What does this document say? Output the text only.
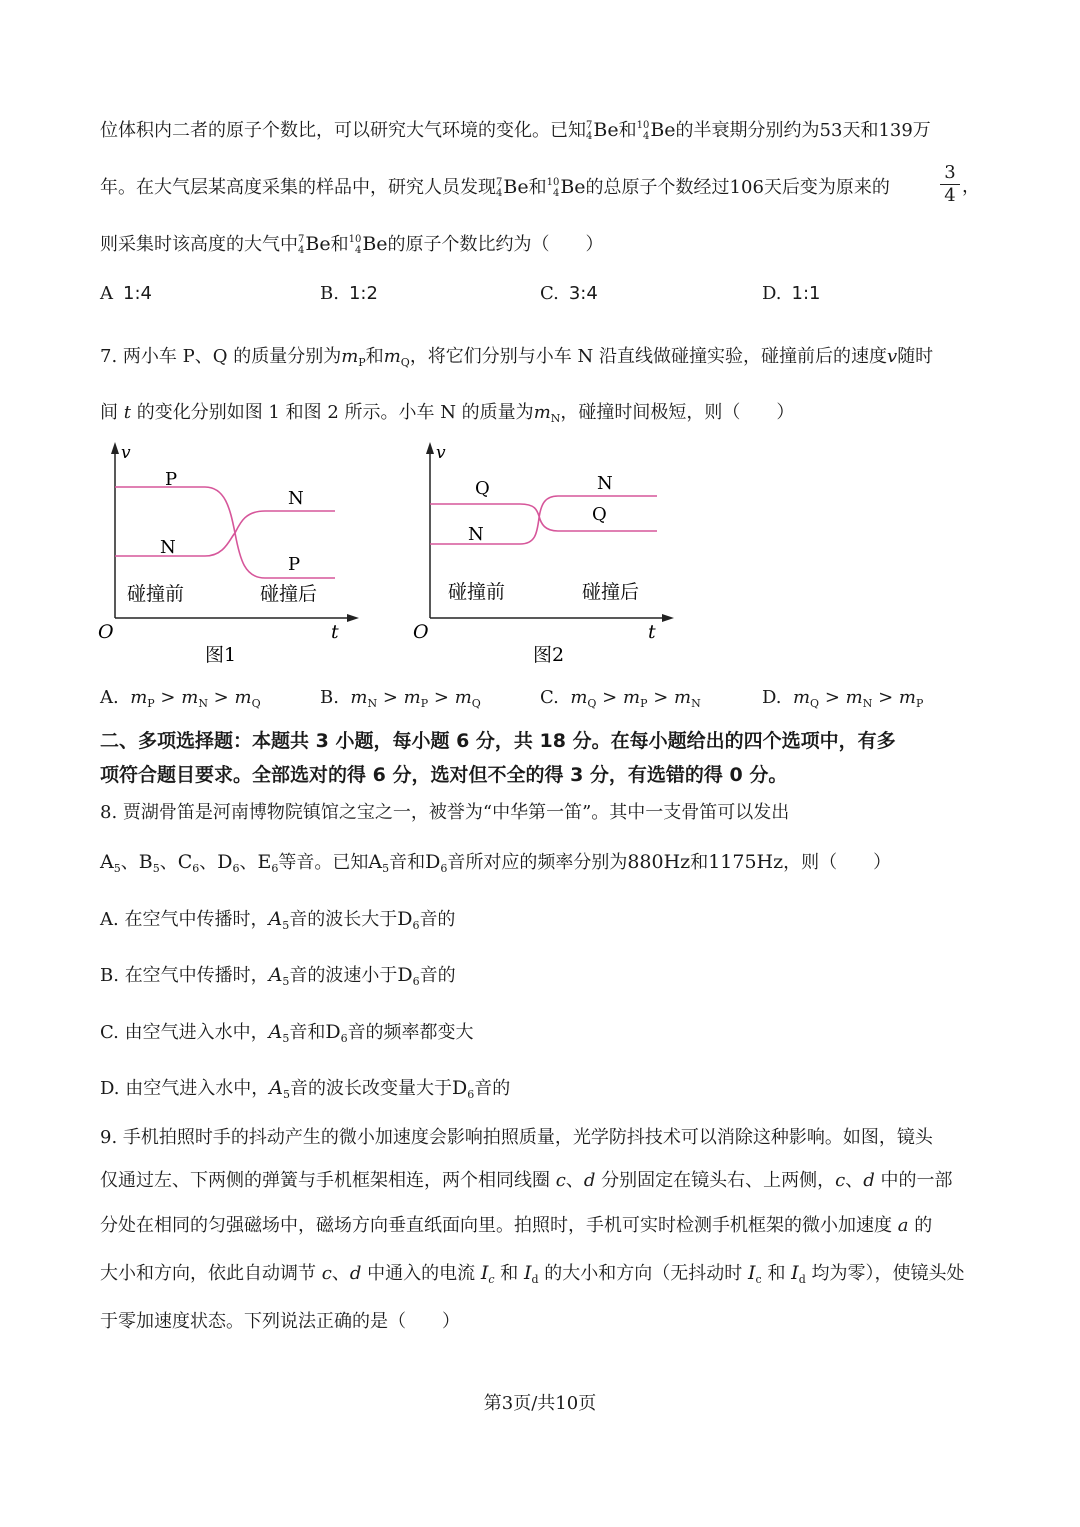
位体积内二者的原子个数比，可以研究大气环境的变化。已知 7
4 Be和 10
4 Be的半衰期分别约为53天和139万
年。在大气层某高度采集的样品中，研究人员发现 7
4 Be和 10
4 Be的总原子个数经过106天后变为原来的	$\frac{3}{4}$ ，
则采集时该高度的大气中 7
4 Be和 10
4 Be的原子个数比约为（　　）
A 1:4	B. 1:2	C. 3:4	D. 1:1
7. 两小车 P、Q 的质量分别为$m_P$和$m_Q$，将它们分别与小车 N 沿直线做碰撞实验，碰撞前后的速度v随时
间 t 的变化分别如图 1 和图 2 所示。小车 N 的质量为$m_N$，碰撞时间极短，则（　　）
v
O	t
P
N
N
P
碰撞前	碰撞后
图1
v
O	t
Q
N
N
Q
碰撞前	碰撞后
图2
A. $m_P > m_N > m_Q$	B. $m_N > m_P > m_Q$	C. $m_Q > m_P > m_N$	D. $m_Q > m_N > m_P$
二、多项选择题：本题共 3 小题，每小题 6 分，共 18 分。在每小题给出的四个选项中，有多
项符合题目要求。全部选对的得 6 分，选对但不全的得 3 分，有选错的得 0 分。
8. 贾湖骨笛是河南博物院镇馆之宝之一，被誉为“中华第一笛”。其中一支骨笛可以发出
$A_5$、$B_5$、$C_6$、$D_6$、$E_6$等音。已知$A_5$音和$D_6$音所对应的频率分别为880Hz和1175Hz，则（　　）
A. 在空气中传播时，$A_5$音的波长大于$D_6$音的
B. 在空气中传播时，$A_5$音的波速小于$D_6$音的
C. 由空气进入水中，$A_5$音和$D_6$音的频率都变大
D. 由空气进入水中，$A_5$音的波长改变量大于$D_6$音的
9. 手机拍照时手的抖动产生的微小加速度会影响拍照质量，光学防抖技术可以消除这种影响。如图，镜头
仅通过左、下两侧的弹簧与手机框架相连，两个相同线圈 c、d 分别固定在镜头右、上两侧，c、d 中的一部
分处在相同的匀强磁场中，磁场方向垂直纸面向里。拍照时，手机可实时检测手机框架的微小加速度 a 的
大小和方向，依此自动调节 c、d 中通入的电流 $I_c$ 和 $I_d$ 的大小和方向（无抖动时 $I_c$ 和 $I_d$ 均为零），使镜头处
于零加速度状态。下列说法正确的是（　　）
第3页/共10页
